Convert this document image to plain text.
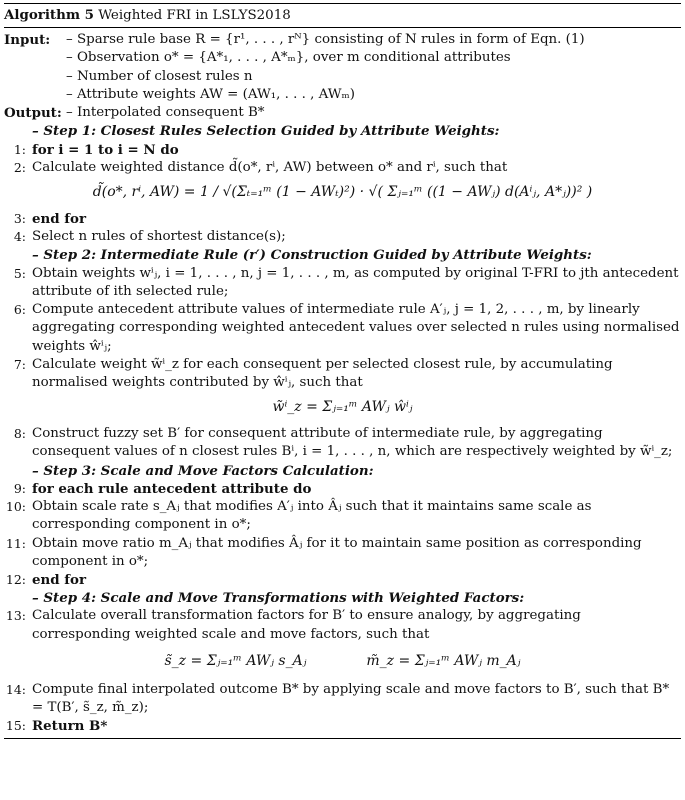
Algorithm 5 Weighted FRI in LSLYS2018
Input:	– Sparse rule base R = {r¹, . . . , rᴺ} consisting of N rules in form of Eqn. (1)
– Observation o* = {A*₁, . . . , A*ₘ}, over m conditional attributes
– Number of closest rules n
– Attribute weights AW = (AW₁, . . . , AWₘ)
Output: – Interpolated consequent B*
– Step 1: Closest Rules Selection Guided by Attribute Weights:
1: for i = 1 to i = N do
2: Calculate weighted distance d̃(o*, rⁱ, AW) between o* and rⁱ, such that
d̃(o*, rⁱ, AW) = 1 / √(Σₜ₌₁ᵐ (1 − AWₜ)²) · √( Σⱼ₌₁ᵐ ((1 − AWⱼ) d(Aⁱⱼ, A*ⱼ))² )
3: end for
4: Select n rules of shortest distance(s);
– Step 2: Intermediate Rule (r′) Construction Guided by Attribute Weights:
5: Obtain weights wⁱⱼ, i = 1, . . . , n, j = 1, . . . , m, as computed by original T-FRI to jth antecedent attribute of ith selected rule;
6: Compute antecedent attribute values of intermediate rule A′ⱼ, j = 1, 2, . . . , m, by linearly aggregating corresponding weighted antecedent values over selected n rules using normalised weights ŵⁱⱼ;
7: Calculate weight w̃ⁱ_z for each consequent per selected closest rule, by accumulating normalised weights contributed by ŵⁱⱼ, such that
w̃ⁱ_z = Σⱼ₌₁ᵐ AWⱼ ŵⁱⱼ
8: Construct fuzzy set B′ for consequent attribute of intermediate rule, by aggregating consequent values of n closest rules Bⁱ, i = 1, . . . , n, which are respectively weighted by w̃ⁱ_z;
– Step 3: Scale and Move Factors Calculation:
9: for each rule antecedent attribute do
10: Obtain scale rate s_Aⱼ that modifies A′ⱼ into Âⱼ such that it maintains same scale as corresponding component in o*;
11: Obtain move ratio m_Aⱼ that modifies Âⱼ for it to maintain same position as corresponding component in o*;
12: end for
– Step 4: Scale and Move Transformations with Weighted Factors:
13: Calculate overall transformation factors for B′ to ensure analogy, by aggregating corresponding weighted scale and move factors, such that
s̃_z = Σⱼ₌₁ᵐ AWⱼ s_Aⱼ	m̃_z = Σⱼ₌₁ᵐ AWⱼ m_Aⱼ
14: Compute final interpolated outcome B* by applying scale and move factors to B′, such that B* = T(B′, s̃_z, m̃_z);
15: Return B*
